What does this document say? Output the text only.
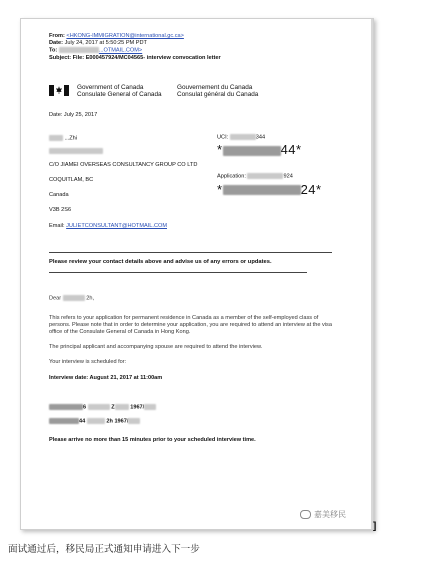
From: <HKONG-IMMIGRATION@international.gc.ca>
Date: July 24, 2017 at 5:50:25 PM PDT
To:	...OTMAIL.COM>
Subject: File: E000457924/MC04565- interview convocation letter
Government of Canada
Consulate General of Canada
Gouvernement du Canada
Consulat général du Canada
Date: July 25, 2017
...Zhi
C/O JIAMEI OVERSEAS CONSULTANCY GROUP CO LTD
COQUITLAM, BC
Canada
V3B 2S6
Email: JULIETCONSULTANT@HOTMAIL.COM
UCI:	344
*	44*
Application:	924
*	24*
Please review your contact details above and advise us of any errors or updates.
Dear	2h,
This refers to your application for permanent residence in Canada as a member of the self-employed class of persons. Please note that in order to determine your application, you are required to attend an interview at the visa office of the Consulate General of Canada in Hong Kong.
The principal applicant and accompanying spouse are required to attend the interview.
Your interview is scheduled for:
Interview date: August 21, 2017 at 11:00am
6	Z	1967/
44	2h 1967/
Please arrive no more than 15 minutes prior to your scheduled interview time.
嘉美移民
]
面试通过后，移民局正式通知申请进入下一步
